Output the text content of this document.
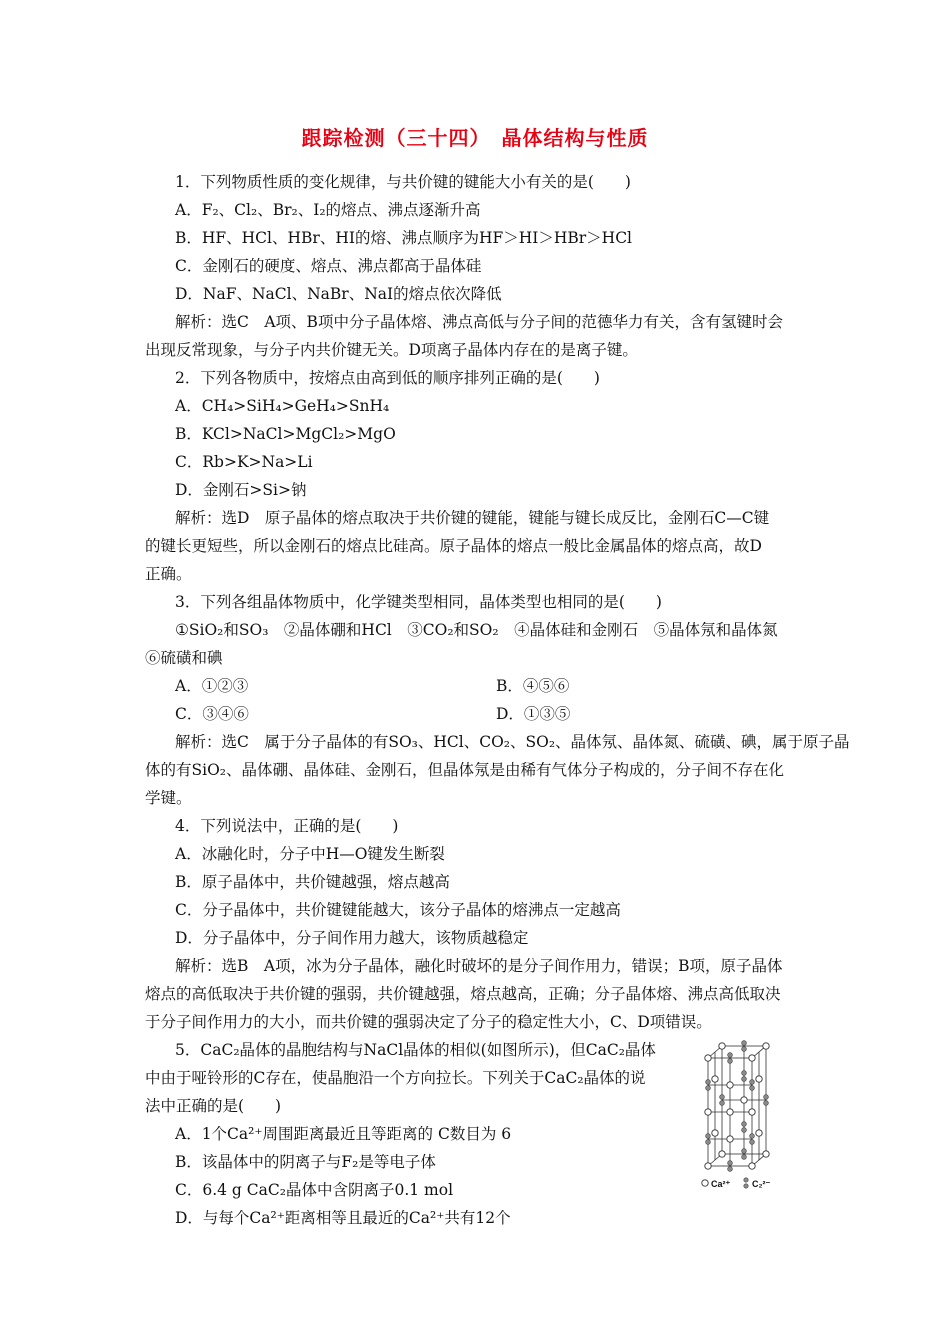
跟踪检测（三十四）　晶体结构与性质
1．下列物质性质的变化规律，与共价键的键能大小有关的是(　　)
A．F₂、Cl₂、Br₂、I₂的熔点、沸点逐渐升高
B．HF、HCl、HBr、HI的熔、沸点顺序为HF＞HI＞HBr＞HCl
C．金刚石的硬度、熔点、沸点都高于晶体硅
D．NaF、NaCl、NaBr、NaI的熔点依次降低
解析：选C　A项、B项中分子晶体熔、沸点高低与分子间的范德华力有关，含有氢键时会
出现反常现象，与分子内共价键无关。D项离子晶体内存在的是离子键。
2．下列各物质中，按熔点由高到低的顺序排列正确的是(　　)
A．CH₄>SiH₄>GeH₄>SnH₄
B．KCl>NaCl>MgCl₂>MgO
C．Rb>K>Na>Li
D．金刚石>Si>钠
解析：选D　原子晶体的熔点取决于共价键的键能，键能与键长成反比，金刚石C—C键
的键长更短些，所以金刚石的熔点比硅高。原子晶体的熔点一般比金属晶体的熔点高，故D
正确。
3．下列各组晶体物质中，化学键类型相同，晶体类型也相同的是(　　)
①SiO₂和SO₃　②晶体硼和HCl　③CO₂和SO₂　④晶体硅和金刚石　⑤晶体氖和晶体氮
⑥硫磺和碘
A．①②③	B．④⑤⑥
C．③④⑥	D．①③⑤
解析：选C　属于分子晶体的有SO₃、HCl、CO₂、SO₂、晶体氖、晶体氮、硫磺、碘，属于原子晶
体的有SiO₂、晶体硼、晶体硅、金刚石，但晶体氖是由稀有气体分子构成的，分子间不存在化
学键。
4．下列说法中，正确的是(　　)
A．冰融化时，分子中H—O键发生断裂
B．原子晶体中，共价键越强，熔点越高
C．分子晶体中，共价键键能越大，该分子晶体的熔沸点一定越高
D．分子晶体中，分子间作用力越大，该物质越稳定
解析：选B　A项，冰为分子晶体，融化时破坏的是分子间作用力，错误；B项，原子晶体
熔点的高低取决于共价键的强弱，共价键越强，熔点越高，正确；分子晶体熔、沸点高低取决
于分子间作用力的大小，而共价键的强弱决定了分子的稳定性大小，C、D项错误。
5．CaC₂晶体的晶胞结构与NaCl晶体的相似(如图所示)，但CaC₂晶体
中由于哑铃形的C存在，使晶胞沿一个方向拉长。下列关于CaC₂晶体的说
法中正确的是(　　)
A．1个Ca²⁺周围距离最近且等距离的 C数目为 6
B．该晶体中的阴离子与F₂是等电子体
C．6.4 g CaC₂晶体中含阴离子0.1 mol
D．与每个Ca²⁺距离相等且最近的Ca²⁺共有12个
Ca²⁺ C₂²⁻
